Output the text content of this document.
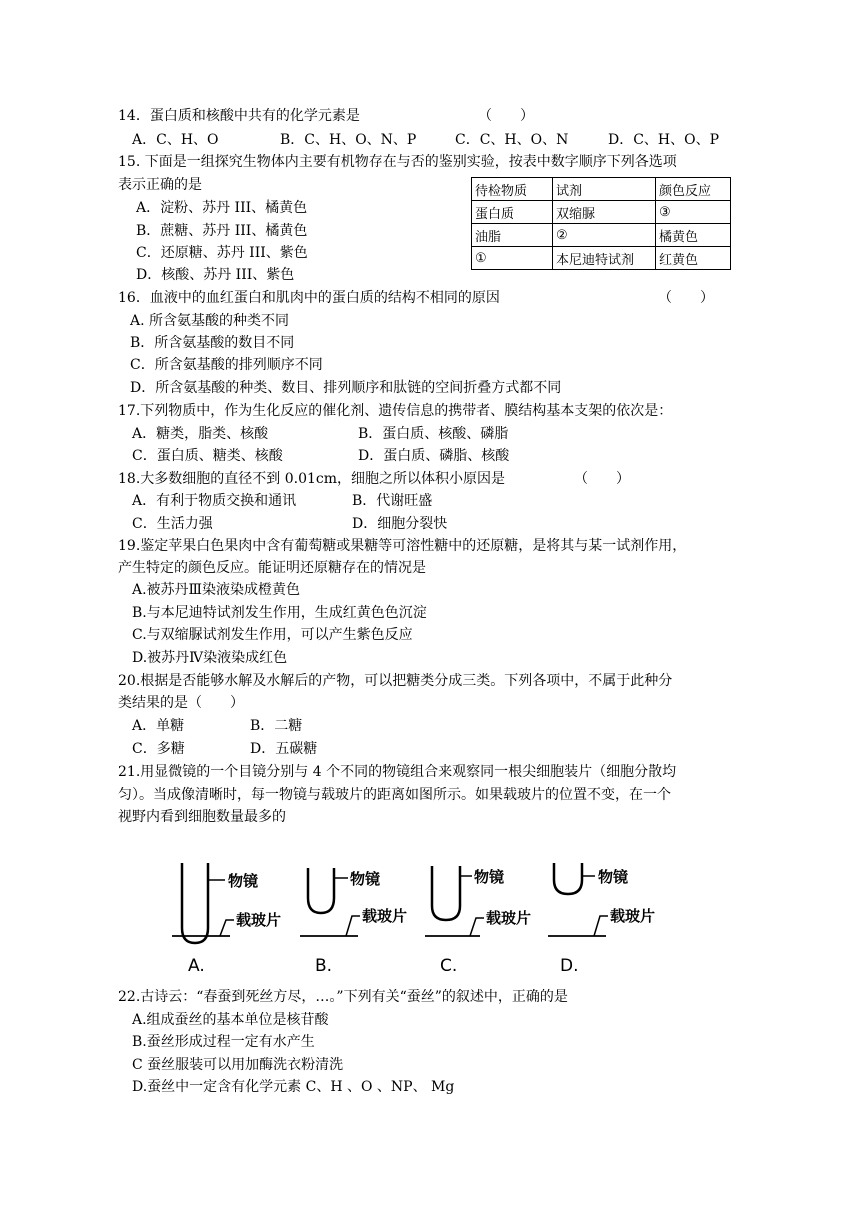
14．蛋白质和核酸中共有的化学元素是	（　　）
A．C、H、O	B．C、H、O、N、P	C．C、H、O、N	D．C、H、O、P
15. 下面是一组探究生物体内主要有机物存在与否的鉴别实验，按表中数字顺序下列各选项
表示正确的是
A．淀粉、苏丹 III、橘黄色
B．蔗糖、苏丹 III、橘黄色
C．还原糖、苏丹 III、紫色
D．核酸、苏丹 III、紫色
待检物质	试剂	颜色反应
蛋白质	双缩脲	③
油脂	②	橘黄色
①	本尼迪特试剂	红黄色
16．血液中的血红蛋白和肌肉中的蛋白质的结构不相同的原因	（　　）
A. 所含氨基酸的种类不同
B．所含氨基酸的数目不同
C．所含氨基酸的排列顺序不同
D．所含氨基酸的种类、数目、排列顺序和肽链的空间折叠方式都不同
17.下列物质中，作为生化反应的催化剂、遗传信息的携带者、膜结构基本支架的依次是：
A．糖类，脂类、核酸	B．蛋白质、核酸、磷脂
C．蛋白质、糖类、核酸	D．蛋白质、磷脂、核酸
18.大多数细胞的直径不到 0.01cm，细胞之所以体积小原因是	（　　）
A．有利于物质交换和通讯	B．代谢旺盛
C．生活力强	D．细胞分裂快
19.鉴定苹果白色果肉中含有葡萄糖或果糖等可溶性糖中的还原糖，是将其与某一试剂作用，
产生特定的颜色反应。能证明还原糖存在的情况是
A.被苏丹Ⅲ染液染成橙黄色
B.与本尼迪特试剂发生作用，生成红黄色色沉淀
C.与双缩脲试剂发生作用，可以产生紫色反应
D.被苏丹Ⅳ染液染成红色
20.根据是否能够水解及水解后的产物，可以把糖类分成三类。下列各项中，不属于此种分
类结果的是（　　）
A．单糖	B．二糖
C．多糖	D．五碳糖
21.用显微镜的一个目镜分别与 4 个不同的物镜组合来观察同一根尖细胞装片（细胞分散均
匀）。当成像清晰时，每一物镜与载玻片的距离如图所示。如果载玻片的位置不变，在一个
视野内看到细胞数量最多的
物镜
载玻片
物镜
载玻片
物镜
载玻片
物镜
载玻片
A.	B.	C.	D.
22.古诗云：“春蚕到死丝方尽，…。”下列有关“蚕丝”的叙述中，正确的是
A.组成蚕丝的基本单位是核苷酸
B.蚕丝形成过程一定有水产生
C 蚕丝服装可以用加酶洗衣粉清洗
D.蚕丝中一定含有化学元素 C、H 、O 、NP、 Mg
